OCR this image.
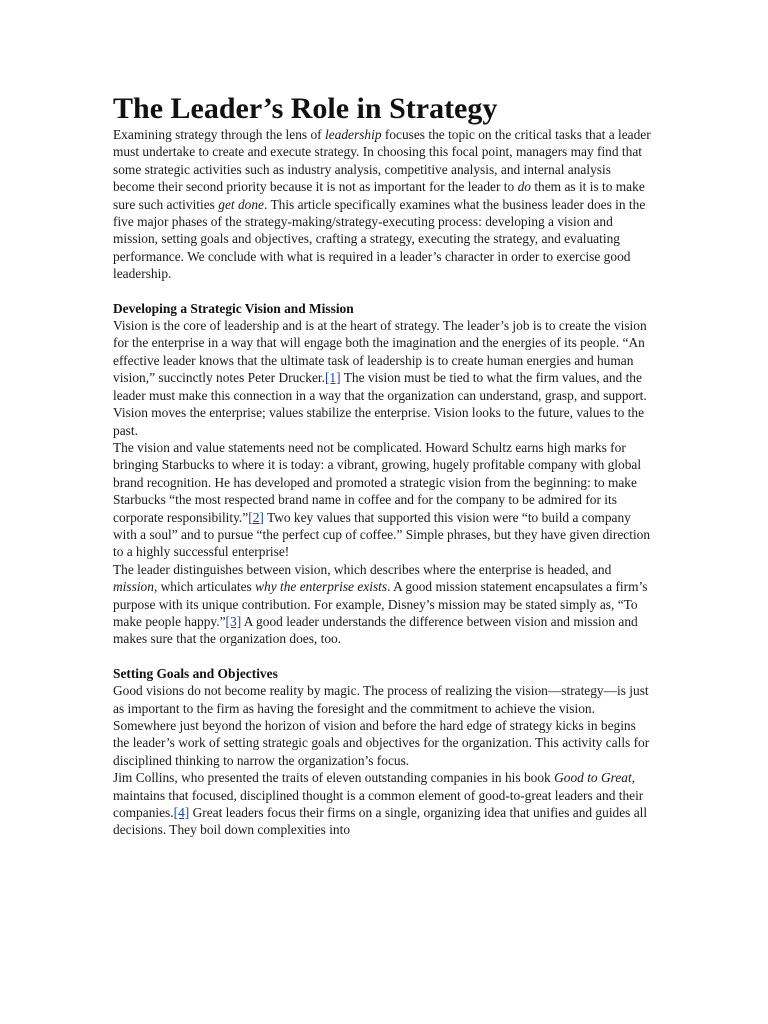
The Leader’s Role in Strategy

Examining strategy through the lens of leadership focuses the topic on the critical tasks that a leader must undertake to create and execute strategy. In choosing this focal point, managers may find that some strategic activities such as industry analysis, competitive analysis, and internal analysis become their second priority because it is not as important for the leader to do them as it is to make sure such activities get done. This article specifically examines what the business leader does in the five major phases of the strategy-making/strategy-executing process: developing a vision and mission, setting goals and objectives, crafting a strategy, executing the strategy, and evaluating performance. We conclude with what is required in a leader’s character in order to exercise good leadership.

Developing a Strategic Vision and Mission

Vision is the core of leadership and is at the heart of strategy. The leader’s job is to create the vision for the enterprise in a way that will engage both the imagination and the energies of its people. “An effective leader knows that the ultimate task of leadership is to create human energies and human vision,” succinctly notes Peter Drucker.[1] The vision must be tied to what the firm values, and the leader must make this connection in a way that the organization can understand, grasp, and support. Vision moves the enterprise; values stabilize the enterprise. Vision looks to the future, values to the past.

The vision and value statements need not be complicated. Howard Schultz earns high marks for bringing Starbucks to where it is today: a vibrant, growing, hugely profitable company with global brand recognition. He has developed and promoted a strategic vision from the beginning: to make Starbucks “the most respected brand name in coffee and for the company to be admired for its corporate responsibility.”[2] Two key values that supported this vision were “to build a company with a soul” and to pursue “the perfect cup of coffee.” Simple phrases, but they have given direction to a highly successful enterprise!

The leader distinguishes between vision, which describes where the enterprise is headed, and mission, which articulates why the enterprise exists. A good mission statement encapsulates a firm’s purpose with its unique contribution. For example, Disney’s mission may be stated simply as, “To make people happy.”[3] A good leader understands the difference between vision and mission and makes sure that the organization does, too.

Setting Goals and Objectives

Good visions do not become reality by magic. The process of realizing the vision—strategy—is just as important to the firm as having the foresight and the commitment to achieve the vision. Somewhere just beyond the horizon of vision and before the hard edge of strategy kicks in begins the leader’s work of setting strategic goals and objectives for the organization. This activity calls for disciplined thinking to narrow the organization’s focus.

Jim Collins, who presented the traits of eleven outstanding companies in his book Good to Great, maintains that focused, disciplined thought is a common element of good-to-great leaders and their companies.[4] Great leaders focus their firms on a single, organizing idea that unifies and guides all decisions. They boil down complexities into
